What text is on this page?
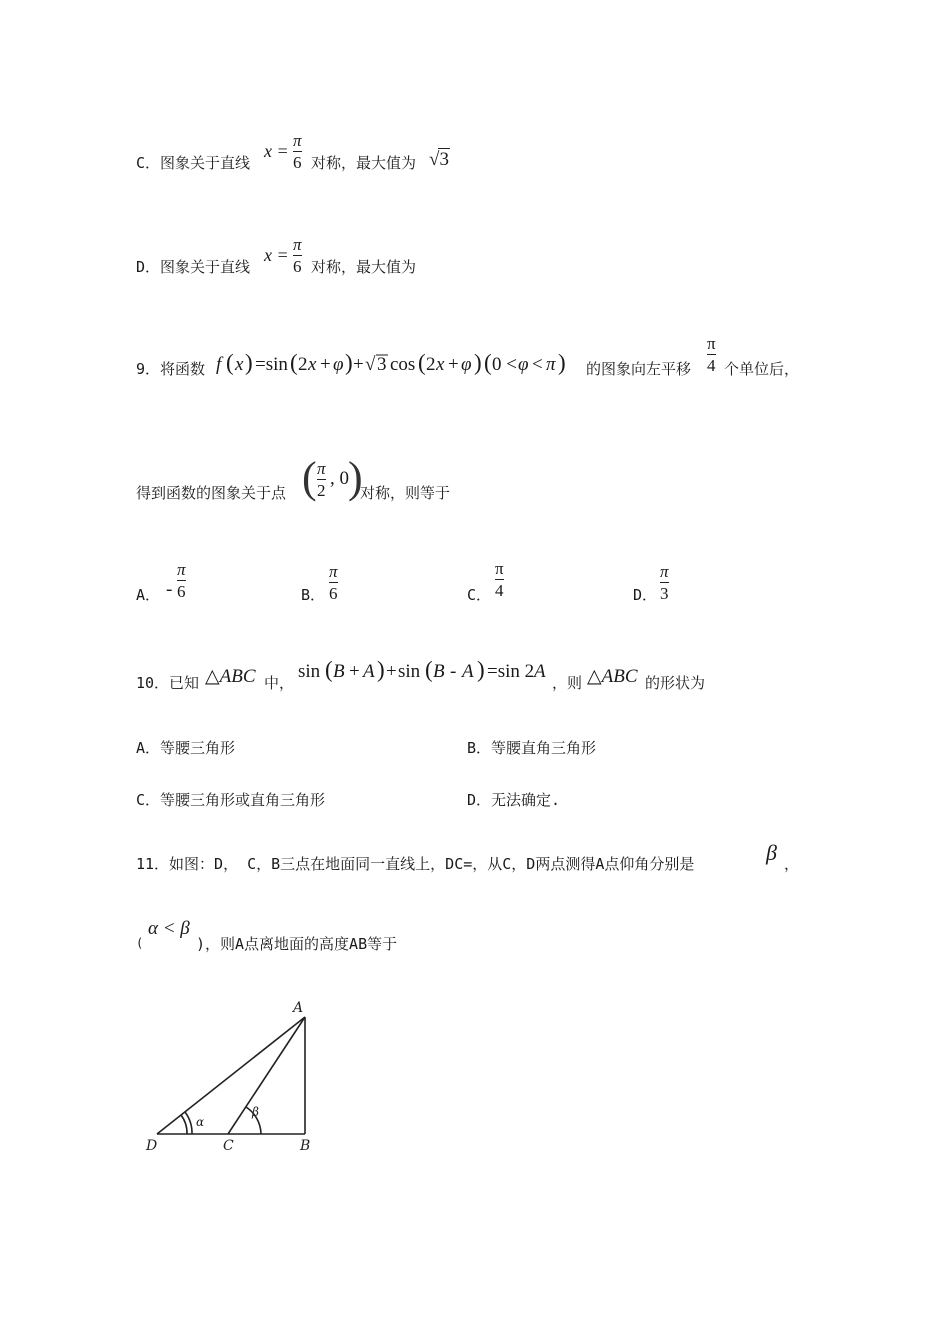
C．图象关于直线
x =
π
6 对称，最大值为 √3
D．图象关于直线
x =
π
6 对称，最大值为
9．将函数 f ( x ) =sin ( 2 x + φ ) + √ 3 cos ( 2 x + φ ) ( 0 < φ < π ) 的图象向左平移
π
4 个单位后，
得到函数的图象关于点 ( π
2
, 0 )
对称，则等于
A． -
π
6	B．
π
6	C．
π
4	D．
π
3
10．已知 △ABC 中，
sin ( B + A ) + sin ( B - A ) =sin 2 A
，则 △ABC 的形状为
A．等腰三角形	B．等腰直角三角形
C．等腰三角形或直角三角形	D．无法确定.
11．如图：D， C，B三点在地面同一直线上，DC=，从C，D两点测得A点仰角分别是	β ，
(
α < β
)，则A点离地面的高度AB等于
A
D	C	B
α
β
